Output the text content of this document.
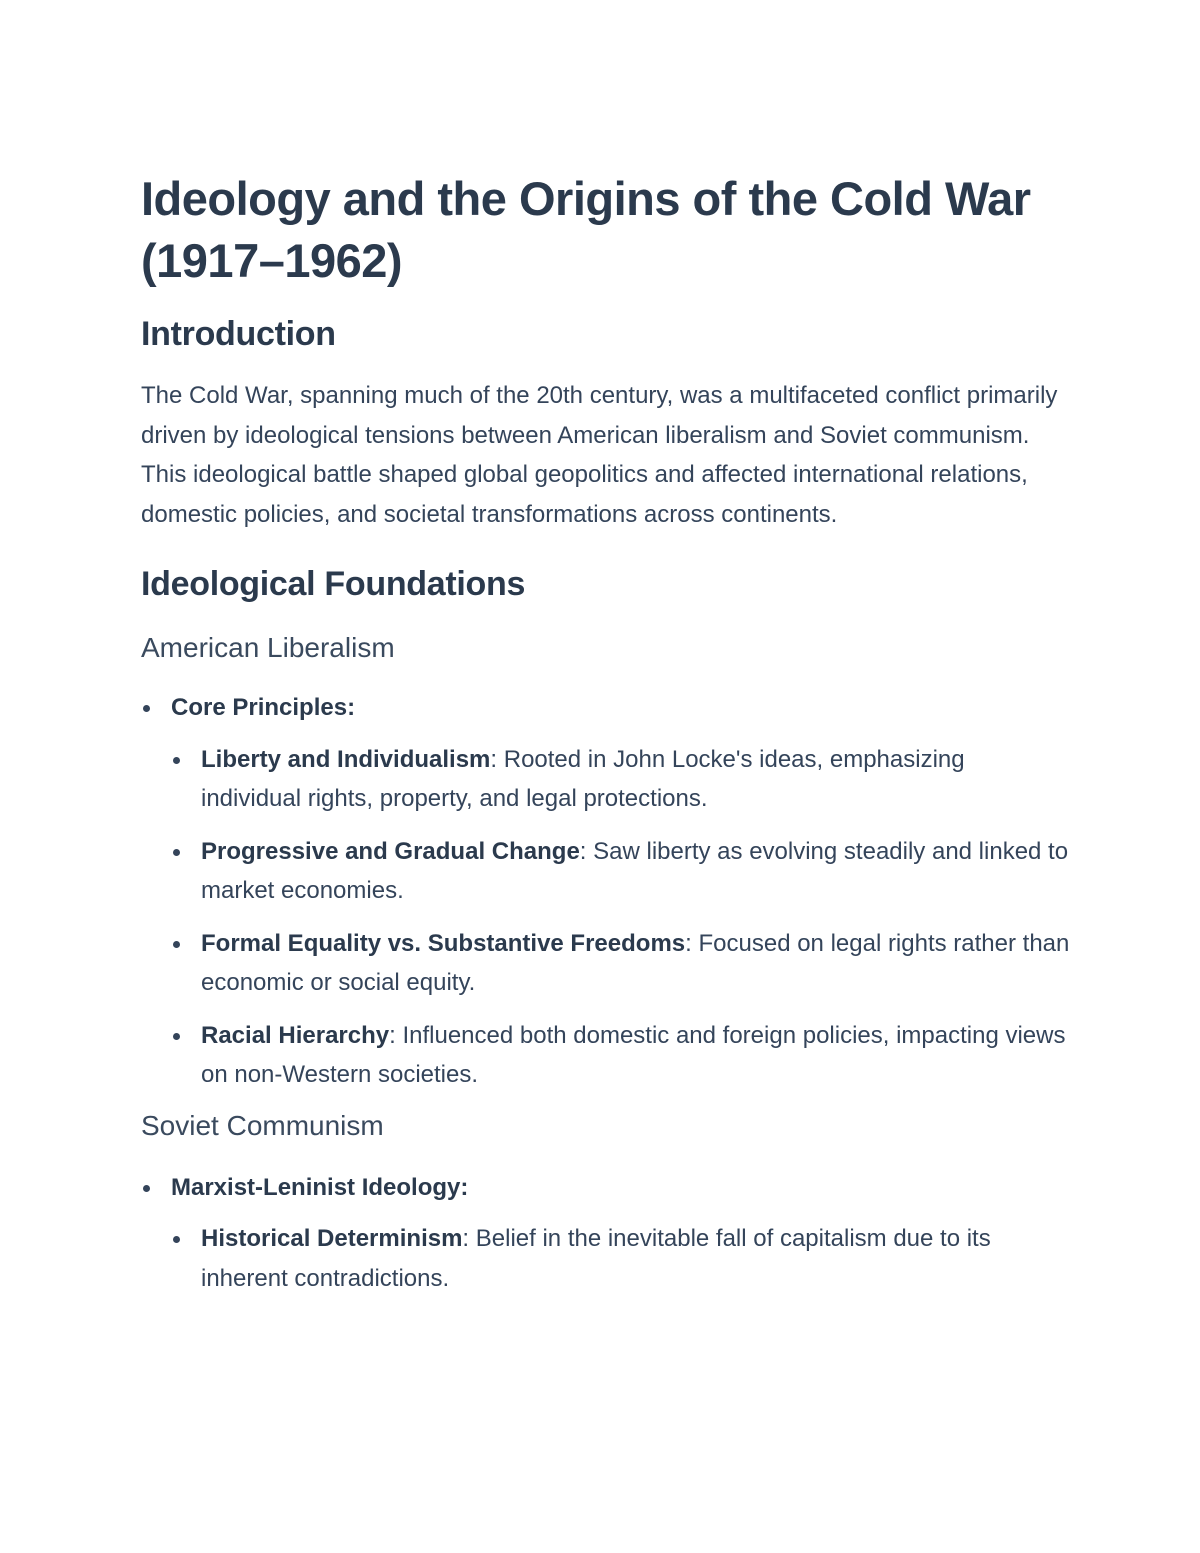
Ideology and the Origins of the Cold War (1917–1962)
Introduction

The Cold War, spanning much of the 20th century, was a multifaceted conflict primarily driven by ideological tensions between American liberalism and Soviet communism. This ideological battle shaped global geopolitics and affected international relations, domestic policies, and societal transformations across continents.

Ideological Foundations
American Liberalism
Core Principles:
Liberty and Individualism: Rooted in John Locke's ideas, emphasizing individual rights, property, and legal protections.
Progressive and Gradual Change: Saw liberty as evolving steadily and linked to market economies.
Formal Equality vs. Substantive Freedoms: Focused on legal rights rather than economic or social equity.
Racial Hierarchy: Influenced both domestic and foreign policies, impacting views on non-Western societies.
Soviet Communism
Marxist-Leninist Ideology:
Historical Determinism: Belief in the inevitable fall of capitalism due to its inherent contradictions.
